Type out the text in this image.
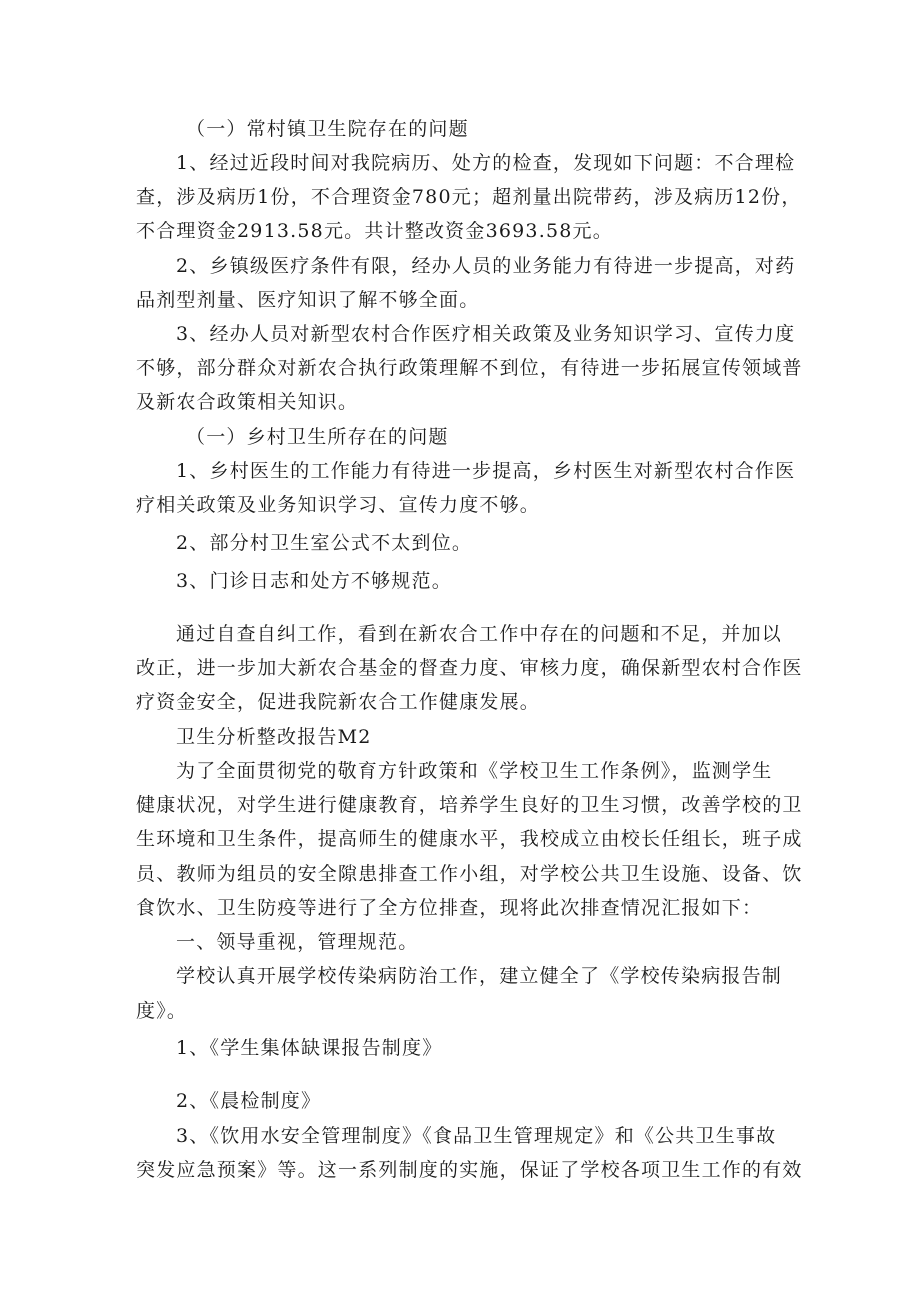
（一）常村镇卫生院存在的问题
1、经过近段时间对我院病历、处方的检查，发现如下问题：不合理检
查，涉及病历1份，不合理资金780元；超剂量出院带药，涉及病历12份，
不合理资金2913.58元。共计整改资金3693.58元。
2、乡镇级医疗条件有限，经办人员的业务能力有待进一步提高，对药
品剂型剂量、医疗知识了解不够全面。
3、经办人员对新型农村合作医疗相关政策及业务知识学习、宣传力度
不够，部分群众对新农合执行政策理解不到位，有待进一步拓展宣传领域普
及新农合政策相关知识。
（一）乡村卫生所存在的问题
1、乡村医生的工作能力有待进一步提高，乡村医生对新型农村合作医
疗相关政策及业务知识学习、宣传力度不够。
2、部分村卫生室公式不太到位。
3、门诊日志和处方不够规范。
通过自查自纠工作，看到在新农合工作中存在的问题和不足，并加以
改正，进一步加大新农合基金的督查力度、审核力度，确保新型农村合作医
疗资金安全，促进我院新农合工作健康发展。
卫生分析整改报告M2
为了全面贯彻党的敬育方针政策和《学校卫生工作条例》，监测学生
健康状况，对学生进行健康教育，培养学生良好的卫生习惯，改善学校的卫
生环境和卫生条件，提高师生的健康水平，我校成立由校长任组长，班子成
员、教师为组员的安全隙患排查工作小组，对学校公共卫生设施、设备、饮
食饮水、卫生防疫等进行了全方位排查，现将此次排查情况汇报如下：
一、领导重视，管理规范。
学校认真开展学校传染病防治工作，建立健全了《学校传染病报告制
度》。
1、《学生集体缺课报告制度》
2、《晨检制度》
3、《饮用水安全管理制度》《食品卫生管理规定》和《公共卫生事故
突发应急预案》等。这一系列制度的实施，保证了学校各项卫生工作的有效
